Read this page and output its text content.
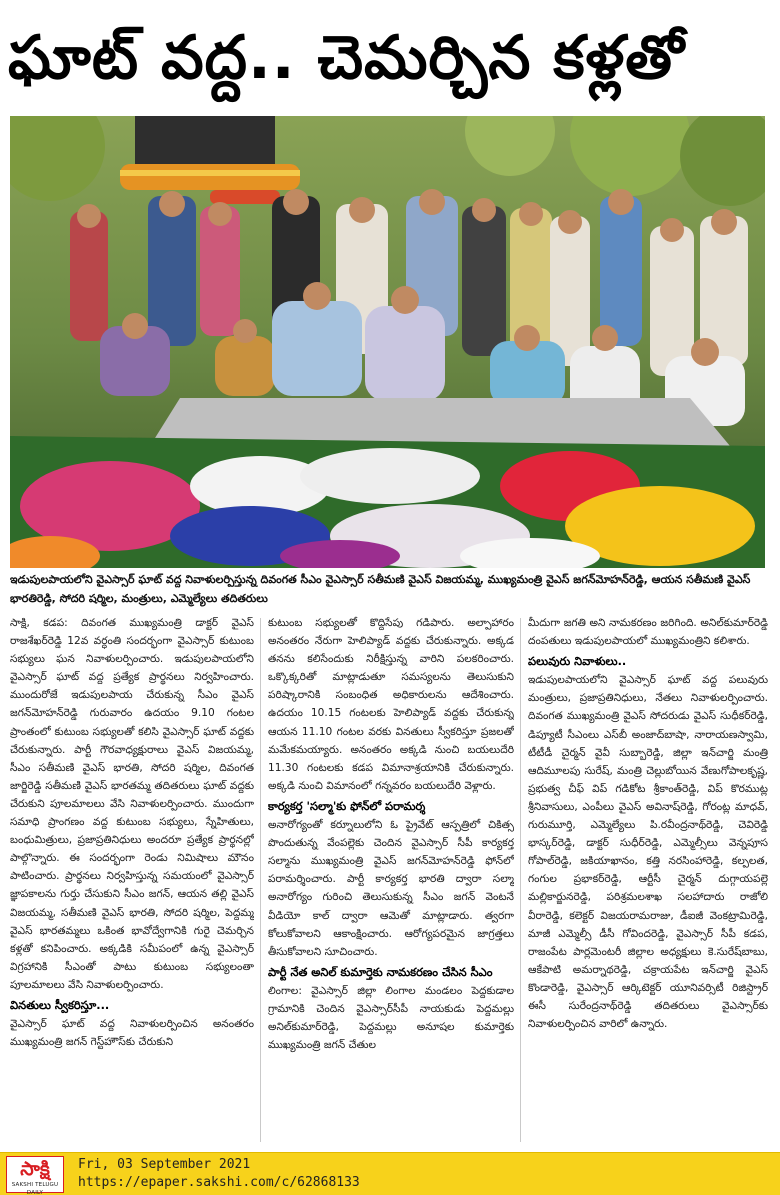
ఘాట్ వద్ద.. చెమర్చిన కళ్లతో
ఇడుపులపాయలోని వైఎస్సార్ ఘాట్ వద్ద నివాళులర్పిస్తున్న దివంగత సీఎం వైఎస్సార్ సతీమణి వైఎస్ విజయమ్మ, ముఖ్యమంత్రి వైఎస్ జగన్‌మోహన్‌రెడ్డి, ఆయన సతీమణి వైఎస్ భారతిరెడ్డి, సోదరి షర్మిల, మంత్రులు, ఎమ్మెల్యేలు తదితరులు

సాక్షి, కడప: దివంగత ముఖ్యమంత్రి డాక్టర్ వైఎస్ రాజశేఖర్‌రెడ్డి 12వ వర్ధంతి సందర్భంగా వైఎస్సార్ కుటుంబ సభ్యులు ఘన నివాళులర్పించారు. ఇడుపులపాయలోని వైఎస్సార్ ఘాట్ వద్ద ప్రత్యేక ప్రార్థనలు నిర్వహించారు. ముందురోజే ఇడుపులపాయ చేరుకున్న సీఎం వైఎస్ జగన్‌మోహన్‌రెడ్డి గురువారం ఉదయం 9.10 గంటల ప్రాంతంలో కుటుంబ సభ్యులతో కలిసి వైఎస్సార్ ఘాట్ వద్దకు చేరుకున్నారు. పార్టీ గౌరవాధ్యక్షురాలు వైఎస్ విజయమ్మ, సీఎం సతీమణి వైఎస్ భారతి, సోదరి షర్మిల, దివంగత జార్జిరెడ్డి సతీమణి వైఎస్ భారతమ్మ తదితరులు ఘాట్ వద్దకు చేరుకుని పూలమాలలు వేసి నివాళులర్పించారు. ముందుగా సమాధి ప్రాంగణం వద్ద కుటుంబ సభ్యులు, స్నేహితులు, బంధుమిత్రులు, ప్రజాప్రతినిధులు అందరూ ప్రత్యేక ప్రార్థనల్లో పాల్గొన్నారు. ఈ సందర్భంగా రెండు నిమిషాలు మౌనం పాటించారు. ప్రార్థనలు నిర్వహిస్తున్న సమయంలో వైఎస్సార్ జ్ఞాపకాలను గుర్తు చేసుకుని సీఎం జగన్, ఆయన తల్లి వైఎస్ విజయమ్మ, సతీమణి వైఎస్ భారతి, సోదరి షర్మిల, పెద్దమ్మ వైఎస్ భారతమ్మలు ఒకింత భావోద్వేగానికి గురై చెమర్చిన కళ్లతో కనిపించారు. అక్కడికి సమీపంలో ఉన్న వైఎస్సార్ విగ్రహానికి సీఎంతో పాటు కుటుంబ సభ్యులంతా పూలమాలలు వేసి నివాళులర్పించారు.

వినతులు స్వీకరిస్తూ...

వైఎస్సార్ ఘాట్ వద్ద నివాళులర్పించిన అనంతరం ముఖ్యమంత్రి జగన్ గెస్ట్‌హౌస్‌కు చేరుకుని

కుటుంబ సభ్యులతో కొద్దిసేపు గడిపారు. అల్పాహారం అనంతరం నేరుగా హెలిప్యాడ్ వద్దకు చేరుకున్నారు. అక్కడ తనను కలిసేందుకు నిరీక్షిస్తున్న వారిని పలకరించారు. ఒక్కొక్కరితో మాట్లాడుతూ సమస్యలను తెలుసుకుని పరిష్కారానికి సంబంధిత అధికారులను ఆదేశించారు. ఉదయం 10.15 గంటలకు హెలిప్యాడ్ వద్దకు చేరుకున్న ఆయన 11.10 గంటల వరకు వినతులు స్వీకరిస్తూ ప్రజలతో మమేకమయ్యారు. అనంతరం అక్కడి నుంచి బయలుదేరి 11.30 గంటలకు కడప విమానాశ్రయానికి చేరుకున్నారు. అక్కడి నుంచి విమానంలో గన్నవరం బయలుదేరి వెళ్లారు.

కార్యకర్త 'సల్మా'కు ఫోన్‌లో పరామర్శ

అనారోగ్యంతో కర్నూలులోని ఓ ప్రైవేట్ ఆస్పత్రిలో చికిత్స పొందుతున్న వేంపల్లెకు చెందిన వైఎస్సార్ సీపీ కార్యకర్త సల్మాను ముఖ్యమంత్రి వైఎస్ జగన్‌మోహన్‌రెడ్డి ఫోన్‌లో పరామర్శించారు. పార్టీ కార్యకర్త భారతి ద్వారా సల్మా అనారోగ్యం గురించి తెలుసుకున్న సీఎం జగన్ వెంటనే వీడియో కాల్ ద్వారా ఆమెతో మాట్లాడారు. త్వరగా కోలుకోవాలని ఆకాంక్షించారు. ఆరోగ్యపరమైన జాగ్రత్తలు తీసుకోవాలని సూచించారు.

పార్టీ నేత అనిల్ కుమార్తెకు నామకరణం చేసిన సీఎం

లింగాల: వైఎస్సార్ జిల్లా లింగాల మండలం పెద్దకుడాల గ్రామానికి చెందిన వైఎస్సార్‌సీపీ నాయకుడు పెద్దమల్లు అనిల్‌కుమార్‌రెడ్డి, పెద్దమల్లు అనూషల కుమార్తెకు ముఖ్యమంత్రి జగన్ చేతుల

మీదుగా జగతి అని నామకరణం జరిగింది. అనిల్‌కుమార్‌రెడ్డి దంపతులు ఇడుపులపాయలో ముఖ్యమంత్రిని కలిశారు.

పలువురు నివాళులు..

ఇడుపులపాయలోని వైఎస్సార్ ఘాట్ వద్ద పలువురు మంత్రులు, ప్రజాప్రతినిధులు, నేతలు నివాళులర్పించారు. దివంగత ముఖ్యమంత్రి వైఎస్ సోదరుడు వైఎస్ సుధీకర్‌రెడ్డి, డిప్యూటీ సీఎంలు ఎస్‌బీ అంజాద్‌బాషా, నారాయణస్వామి, టీటీడీ చైర్మన్ వైవీ సుబ్బారెడ్డి, జిల్లా ఇన్‌చార్జి మంత్రి ఆదిమూలపు సురేష్, మంత్రి చెల్లుబోయిన వేణుగోపాలకృష్ణ, ప్రభుత్వ చీఫ్ విప్ గడికోట శ్రీకాంత్‌రెడ్డి, విప్ కొరముట్ల శ్రీనివాసులు, ఎంపీలు వైఎస్ అవినాష్‌రెడ్డి, గోరంట్ల మాధవ్, గురుమూర్తి, ఎమ్మెల్యేలు పి.రవీంద్రనాథ్‌రెడ్డి, చెవిరెడ్డి భాస్కర్‌రెడ్డి, డాక్టర్ సుధీర్‌రెడ్డి, ఎమ్మెల్సీలు వెన్నపూస గోపాల్‌రెడ్డి, జకియాఖానం, కత్తి నరసింహారెడ్డి, కల్పలత, గంగుల ప్రభాకర్‌రెడ్డి, ఆర్టీసీ చైర్మన్ దుగ్గాయపల్లె మల్లికార్జునరెడ్డి, పరిశ్రమలశాఖ సలహాదారు రాజోలి వీరారెడ్డి, కలెక్టర్ విజయరామరాజు, డీఐజీ వెంకట్రామిరెడ్డి, మాజీ ఎమ్మెల్సీ డీసీ గోవిందరెడ్డి, వైఎస్సార్ సీపీ కడప, రాజంపేట పార్లమెంటరీ జిల్లాల అధ్యక్షులు కె.సురేష్‌బాబు, ఆకేపాటి అమర్నాథరెడ్డి, చక్రాయపేట ఇన్‌చార్జి వైఎస్ కొండారెడ్డి, వైఎస్సార్ ఆర్కిటెక్టర్ యూనివర్సిటీ రిజిస్ట్రార్ ఈసీ సురేంద్రనాథ్‌రెడ్డి తదితరులు వైఎస్సార్‌కు నివాళులర్పించిన వారిలో ఉన్నారు.

సాక్షి
SAKSHI TELUGU DAILY
Fri, 03 September 2021
https://epaper.sakshi.com/c/62868133
